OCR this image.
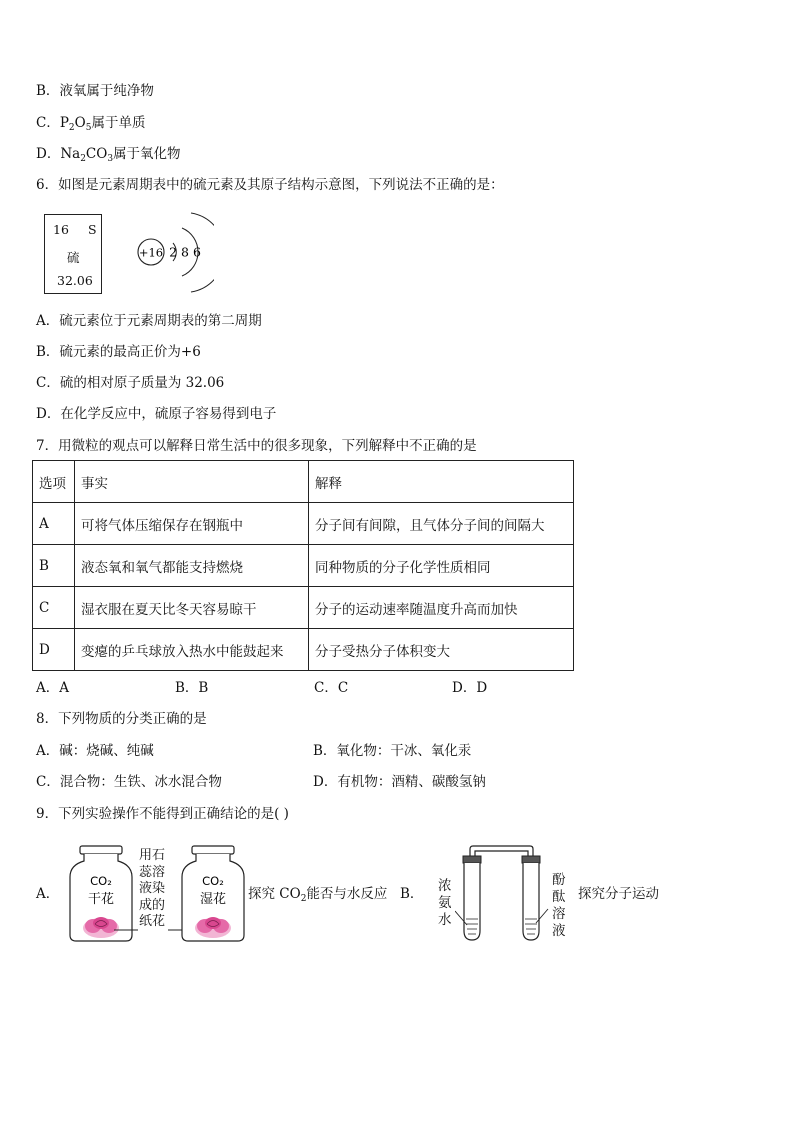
B．液氧属于纯净物
C．$P_2O_5$属于单质
D．$Na_2CO_3$属于氧化物
6．如图是元素周期表中的硫元素及其原子结构示意图，下列说法不正确的是：
16 S
硫
32.06
+16 2 8 6
A．硫元素位于元素周期表的第二周期
B．硫元素的最高正价为+6
C．硫的相对原子质量为 32.06
D．在化学反应中，硫原子容易得到电子
7．用微粒的观点可以解释日常生活中的很多现象，下列解释中不正确的是
选项	事实	解释
A	可将气体压缩保存在钢瓶中	分子间有间隙，且气体分子间的间隔大
B	液态氧和氧气都能支持燃烧	同种物质的分子化学性质相同
C	湿衣服在夏天比冬天容易晾干	分子的运动速率随温度升高而加快
D	变瘪的乒乓球放入热水中能鼓起来	分子受热分子体积变大
A．A	B．B	C．C	D．D
8．下列物质的分类正确的是
A．碱：烧碱、纯碱	B．氧化物：干冰、氧化汞
C．混合物：生铁、冰水混合物	D．有机物：酒精、碳酸氢钠
9．下列实验操作不能得到正确结论的是( )
A．
CO₂
干花
用石
蕊溶
液染
成的
纸花
CO₂
湿花 探究 $CO_2$能否与水反应 B． 浓
氨
水
酚
酞
溶
液
探究分子运动
